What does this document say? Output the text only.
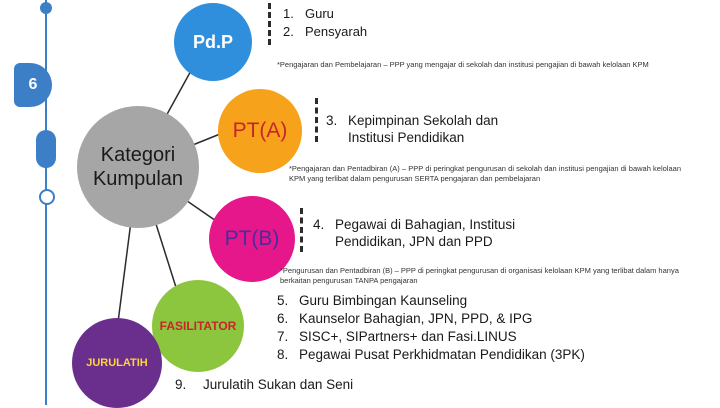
6
Pd.P
PT(A)
Kategori
Kumpulan
PT(B)
FASILITATOR
JURULATIH
1. Guru
2. Pensyarah
*Pengajaran dan Pembelajaran – PPP yang mengajar di sekolah dan institusi pengajian di bawah kelolaan KPM
3. Kepimpinan Sekolah dan
Institusi Pendidikan
*Pengajaran dan Pentadbiran (A) – PPP di peringkat pengurusan di sekolah dan institusi pengajian di bawah kelolaan KPM yang terlibat dalam pengurusan SERTA pengajaran dan pembelajaran
4. Pegawai di Bahagian, Institusi
Pendidikan, JPN dan PPD
*Pengurusan dan Pentadbiran (B) – PPP di peringkat pengurusan di organisasi kelolaan KPM yang terlibat dalam hanya berkaitan pengurusan TANPA pengajaran
5. Guru Bimbingan Kaunseling
6. Kaunselor Bahagian, JPN, PPD, & IPG
7. SISC+, SIPartners+ dan Fasi.LINUS
8. Pegawai Pusat Perkhidmatan Pendidikan (3PK)
9.	Jurulatih Sukan dan Seni
